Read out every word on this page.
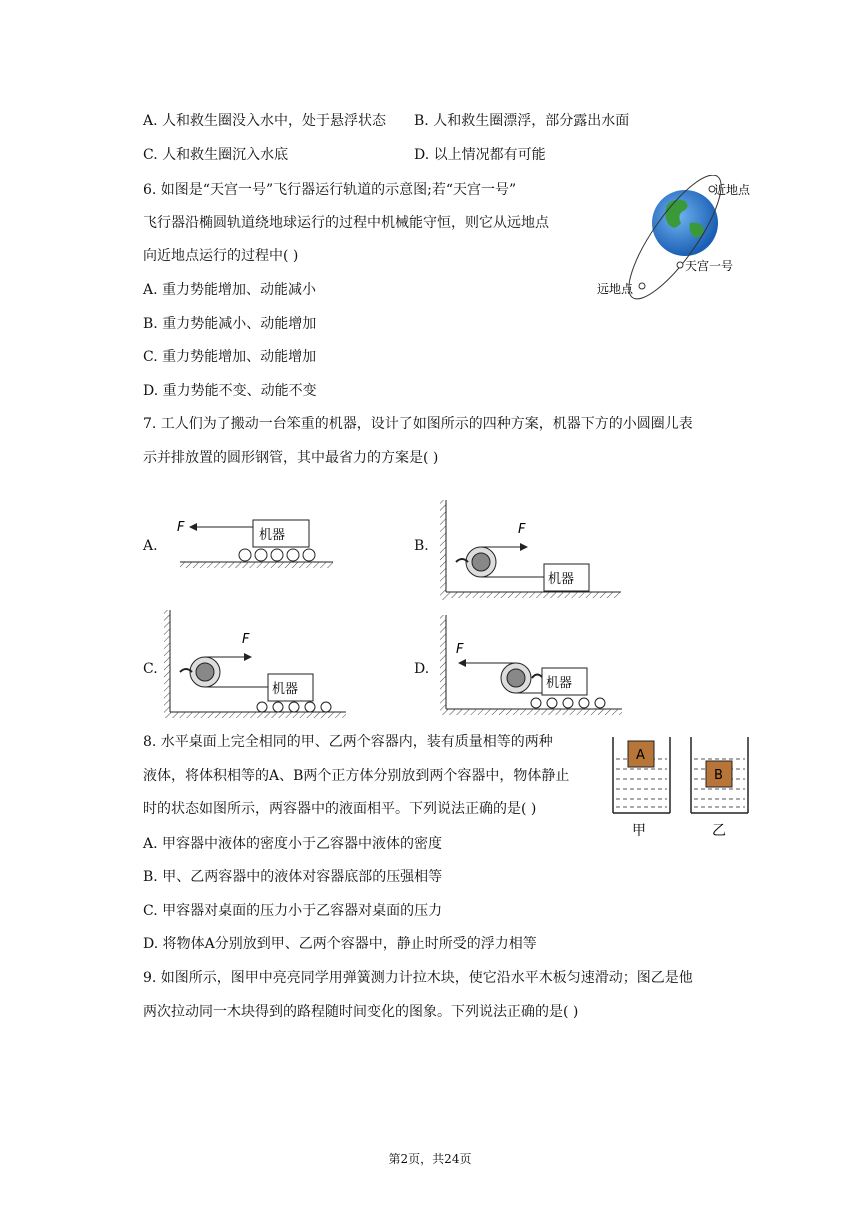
A. 人和救生圈没入水中，处于悬浮状态 B. 人和救生圈漂浮，部分露出水面
C. 人和救生圈沉入水底	D. 以上情况都有可能
6. 如图是“天宫一号”飞行器运行轨道的示意图;若“天宫一号”
飞行器沿椭圆轨道绕地球运行的过程中机械能守恒，则它从远地点
向近地点运行的过程中( )
A. 重力势能增加、动能减小
B. 重力势能减小、动能增加
C. 重力势能增加、动能增加
D. 重力势能不变、动能不变
近地点
远地点
天宫一号
7. 工人们为了搬动一台笨重的机器，设计了如图所示的四种方案，机器下方的小圆圈儿表
示并排放置的圆形钢管，其中最省力的方案是( )
A.
F
机器
B.
F
机器
C.
F
机器
D.
F
机器
8. 水平桌面上完全相同的甲、乙两个容器内，装有质量相等的两种
液体，将体积相等的A、B两个正方体分别放到两个容器中，物体静止
时的状态如图所示，两容器中的液面相平。下列说法正确的是( )
A. 甲容器中液体的密度小于乙容器中液体的密度
B. 甲、乙两容器中的液体对容器底部的压强相等
C. 甲容器对桌面的压力小于乙容器对桌面的压力
D. 将物体A分别放到甲、乙两个容器中，静止时所受的浮力相等
A
B
甲	乙
9. 如图所示，图甲中亮亮同学用弹簧测力计拉木块，使它沿水平木板匀速滑动；图乙是他
两次拉动同一木块得到的路程随时间变化的图象。下列说法正确的是( )
第2页，共24页
